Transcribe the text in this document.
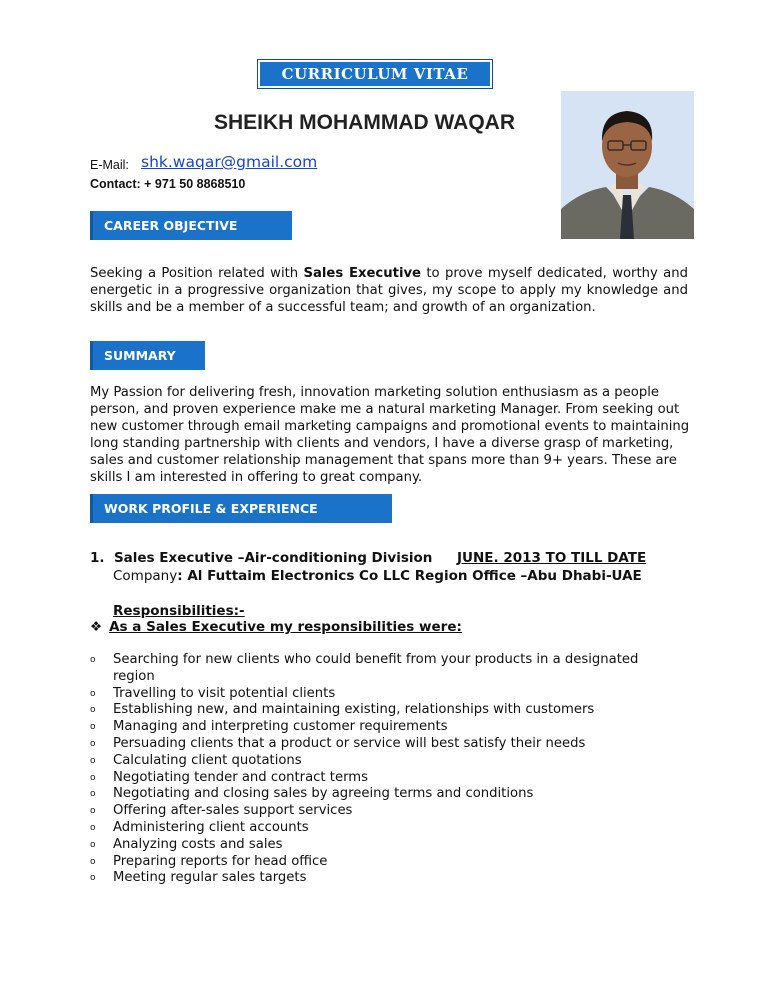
CURRICULUM VITAE
SHEIKH MOHAMMAD WAQAR
E-Mail: shk.waqar@gmail.com
Contact: + 971 50 8868510
CAREER OBJECTIVE
Seeking a Position related with Sales Executive to prove myself dedicated, worthy and energetic in a progressive organization that gives, my scope to apply my knowledge and skills and be a member of a successful team; and growth of an organization.
SUMMARY
My Passion for delivering fresh, innovation marketing solution enthusiasm as a people person, and proven experience make me a natural marketing Manager. From seeking out new customer through email marketing campaigns and promotional events to maintaining long standing partnership with clients and vendors, I have a diverse grasp of marketing, sales and customer relationship management that spans more than 9+ years. These are skills I am interested in offering to great company.
WORK PROFILE & EXPERIENCE
1. Sales Executive –Air-conditioning Division JUNE. 2013 TO TILL DATE
Company: Al Futtaim Electronics Co LLC Region Office –Abu Dhabi-UAE
Responsibilities:-
❖ As a Sales Executive my responsibilities were:
o Searching for new clients who could benefit from your products in a designated region
o Travelling to visit potential clients
o Establishing new, and maintaining existing, relationships with customers
o Managing and interpreting customer requirements
o Persuading clients that a product or service will best satisfy their needs
o Calculating client quotations
o Negotiating tender and contract terms
o Negotiating and closing sales by agreeing terms and conditions
o Offering after-sales support services
o Administering client accounts
o Analyzing costs and sales
o Preparing reports for head office
o Meeting regular sales targets
